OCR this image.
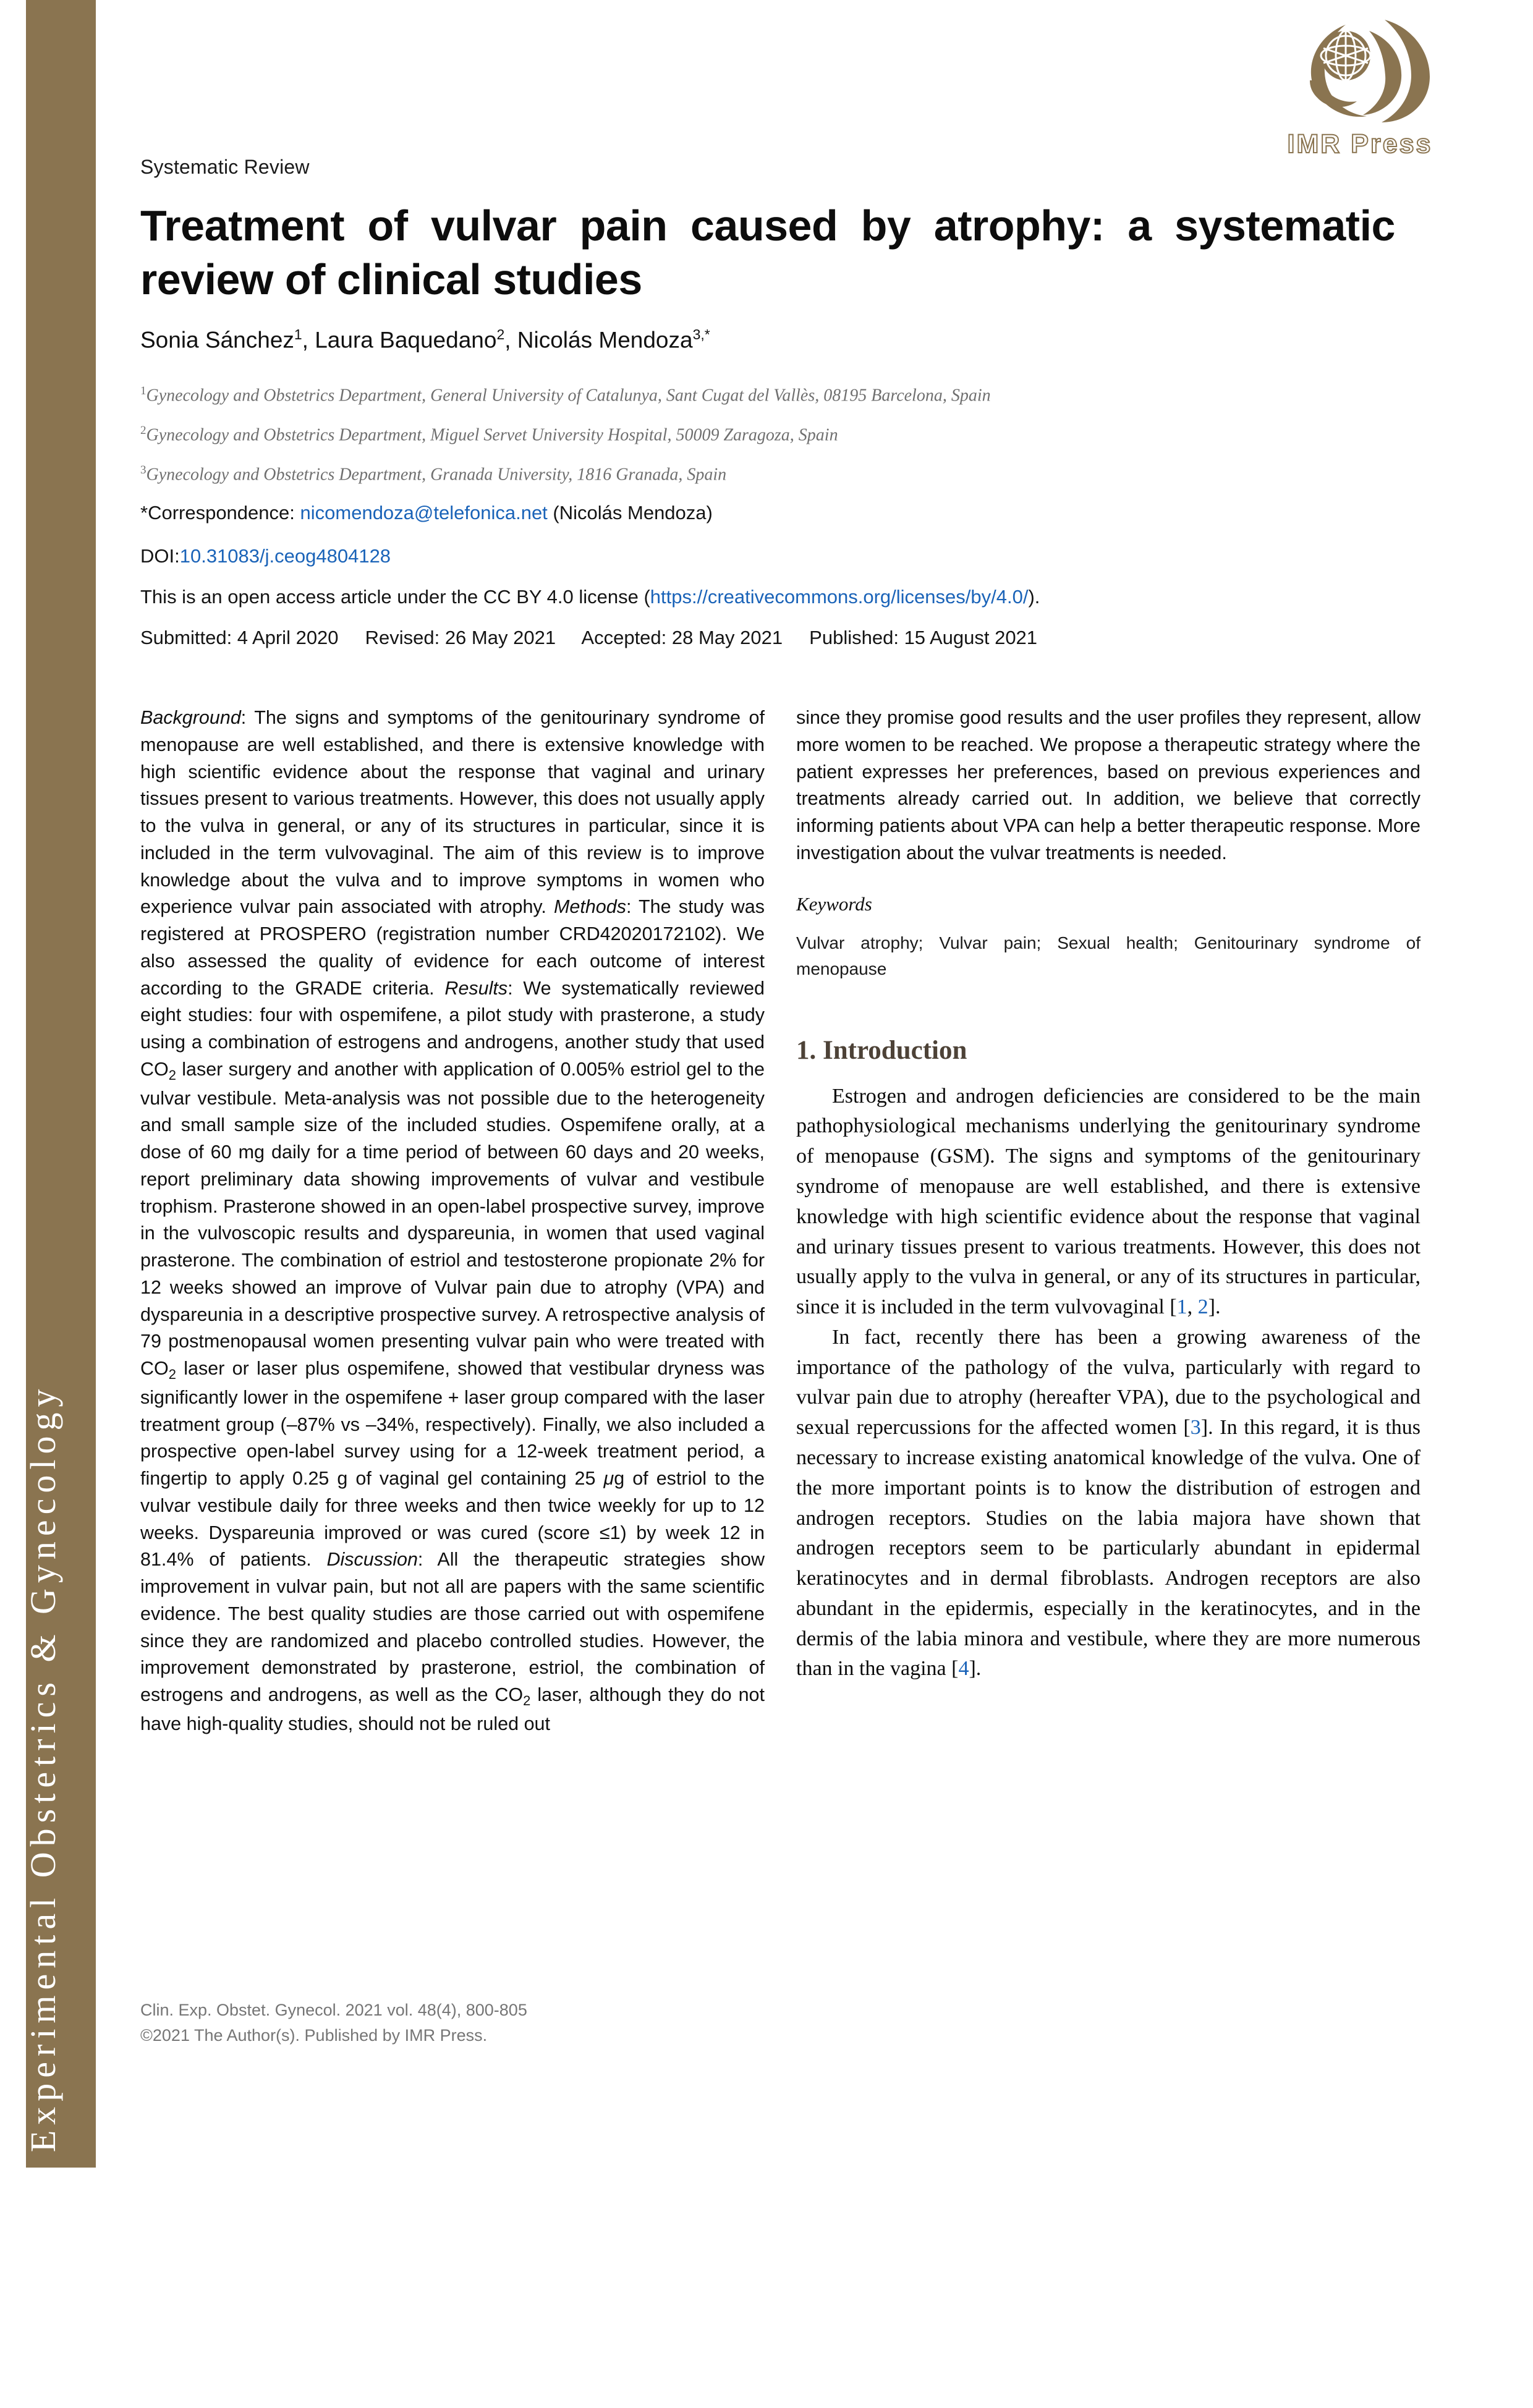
Clinical and Experimental Obstetrics & Gynecology
IMR Press
Systematic Review
Treatment of vulvar pain caused by atrophy: a systematic review of clinical studies
Sonia Sánchez$^1$, Laura Baquedano$^2$, Nicolás Mendoza$^{3,*}$
$^1$Gynecology and Obstetrics Department, General University of Catalunya, Sant Cugat del Vallès, 08195 Barcelona, Spain
$^2$Gynecology and Obstetrics Department, Miguel Servet University Hospital, 50009 Zaragoza, Spain
$^3$Gynecology and Obstetrics Department, Granada University, 1816 Granada, Spain
*Correspondence: nicomendoza@telefonica.net (Nicolás Mendoza)
DOI:10.31083/j.ceog4804128
This is an open access article under the CC BY 4.0 license (https://creativecommons.org/licenses/by/4.0/).
Submitted: 4 April 2020     Revised: 26 May 2021     Accepted: 28 May 2021     Published: 15 August 2021
Background: The signs and symptoms of the genitourinary syndrome of menopause are well established, and there is extensive knowledge with high scientific evidence about the response that vaginal and urinary tissues present to various treatments. However, this does not usually apply to the vulva in general, or any of its structures in particular, since it is included in the term vulvovaginal. The aim of this review is to improve knowledge about the vulva and to improve symptoms in women who experience vulvar pain associated with atrophy. Methods: The study was registered at PROSPERO (registration number CRD42020172102). We also assessed the quality of evidence for each outcome of interest according to the GRADE criteria. Results: We systematically reviewed eight studies: four with ospemifene, a pilot study with prasterone, a study using a combination of estrogens and androgens, another study that used $CO_2$ laser surgery and another with application of 0.005% estriol gel to the vulvar vestibule. Meta-analysis was not possible due to the heterogeneity and small sample size of the included studies. Ospemifene orally, at a dose of 60 mg daily for a time period of between 60 days and 20 weeks, report preliminary data showing improvements of vulvar and vestibule trophism. Prasterone showed in an open-label prospective survey, improve in the vulvoscopic results and dyspareunia, in women that used vaginal prasterone. The combination of estriol and testosterone propionate 2% for 12 weeks showed an improve of Vulvar pain due to atrophy (VPA) and dyspareunia in a descriptive prospective survey. A retrospective analysis of 79 postmenopausal women presenting vulvar pain who were treated with $CO_2$ laser or laser plus ospemifene, showed that vestibular dryness was significantly lower in the ospemifene + laser group compared with the laser treatment group (–87% vs –34%, respectively). Finally, we also included a prospective open-label survey using for a 12-week treatment period, a fingertip to apply 0.25 g of vaginal gel containing 25 μg of estriol to the vulvar vestibule daily for three weeks and then twice weekly for up to 12 weeks. Dyspareunia improved or was cured (score ≤1) by week 12 in 81.4% of patients. Discussion: All the therapeutic strategies show improvement in vulvar pain, but not all are papers with the same scientific evidence. The best quality studies are those carried out with ospemifene since they are randomized and placebo controlled studies. However, the improvement demonstrated by prasterone, estriol, the combination of estrogens and androgens, as well as the $CO_2$ laser, although they do not have high-quality studies, should not be ruled out
since they promise good results and the user profiles they represent, allow more women to be reached. We propose a therapeutic strategy where the patient expresses her preferences, based on previous experiences and treatments already carried out. In addition, we believe that correctly informing patients about VPA can help a better therapeutic response. More investigation about the vulvar treatments is needed.
Keywords
Vulvar atrophy; Vulvar pain; Sexual health; Genitourinary syndrome of menopause
1. Introduction

Estrogen and androgen deficiencies are considered to be the main pathophysiological mechanisms underlying the genitourinary syndrome of menopause (GSM). The signs and symptoms of the genitourinary syndrome of menopause are well established, and there is extensive knowledge with high scientific evidence about the response that vaginal and urinary tissues present to various treatments. However, this does not usually apply to the vulva in general, or any of its structures in particular, since it is included in the term vulvovaginal [1, 2].

In fact, recently there has been a growing awareness of the importance of the pathology of the vulva, particularly with regard to vulvar pain due to atrophy (hereafter VPA), due to the psychological and sexual repercussions for the affected women [3]. In this regard, it is thus necessary to increase existing anatomical knowledge of the vulva. One of the more important points is to know the distribution of estrogen and androgen receptors. Studies on the labia majora have shown that androgen receptors seem to be particularly abundant in epidermal keratinocytes and in dermal fibroblasts. Androgen receptors are also abundant in the epidermis, especially in the keratinocytes, and in the dermis of the labia minora and vestibule, where they are more numerous than in the vagina [4].

Clin. Exp. Obstet. Gynecol. 2021 vol. 48(4), 800-805
©2021 The Author(s). Published by IMR Press.
